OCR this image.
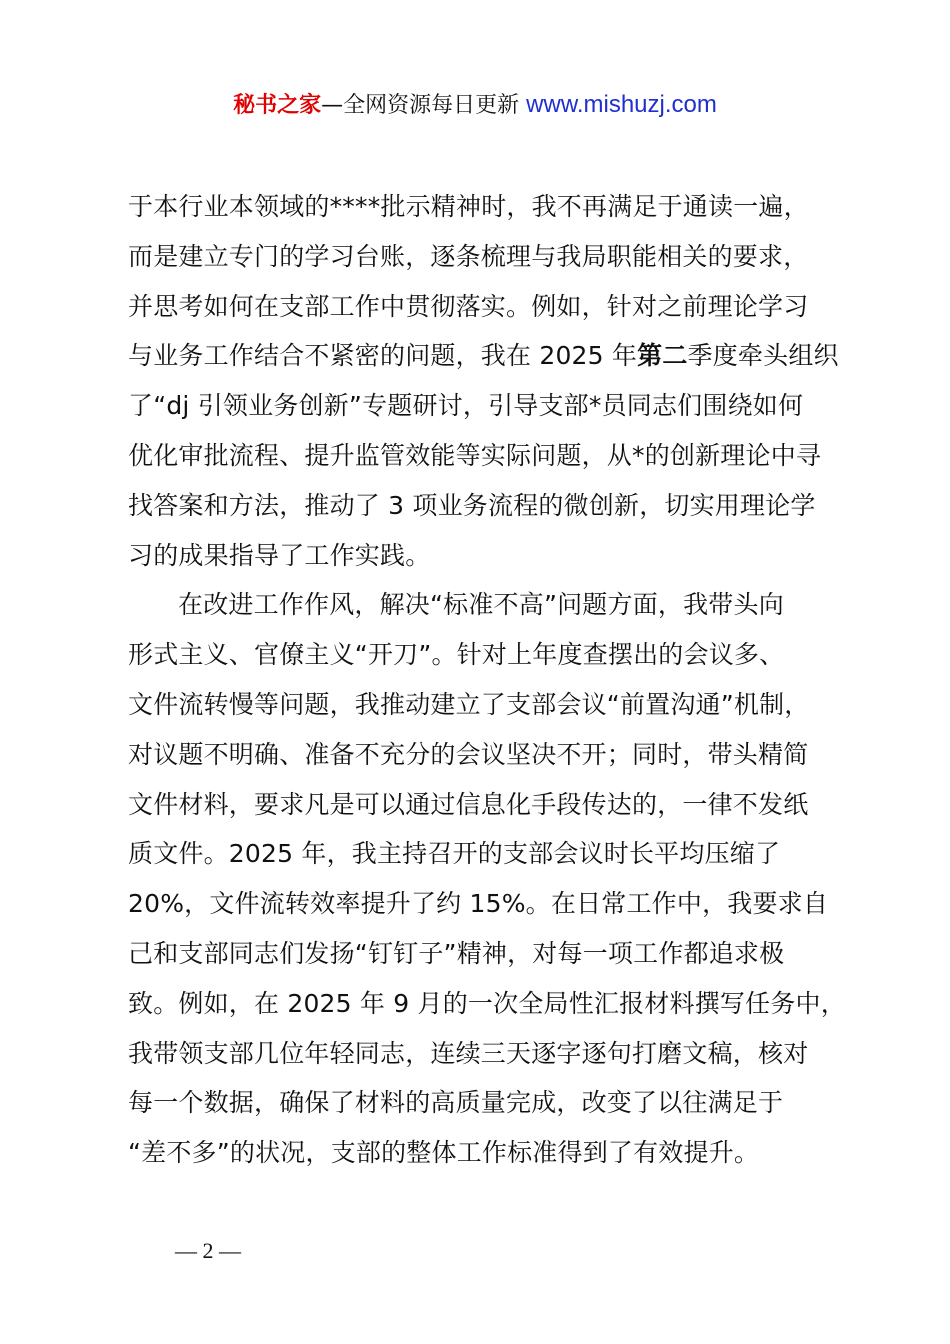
秘书之家—全网资源每日更新 www.mishuzj.com
于本行业本领域的****批示精神时，我不再满足于通读一遍，
而是建立专门的学习台账，逐条梳理与我局职能相关的要求，
并思考如何在支部工作中贯彻落实。例如，针对之前理论学习
与业务工作结合不紧密的问题，我在 2025 年第二季度牵头组织
了“dj 引领业务创新”专题研讨，引导支部*员同志们围绕如何
优化审批流程、提升监管效能等实际问题，从*的创新理论中寻
找答案和方法，推动了 3 项业务流程的微创新，切实用理论学
习的成果指导了工作实践。
在改进工作作风，解决“标准不高”问题方面，我带头向
形式主义、官僚主义“开刀”。针对上年度查摆出的会议多、
文件流转慢等问题，我推动建立了支部会议“前置沟通”机制，
对议题不明确、准备不充分的会议坚决不开；同时，带头精简
文件材料，要求凡是可以通过信息化手段传达的，一律不发纸
质文件。2025 年，我主持召开的支部会议时长平均压缩了
20%，文件流转效率提升了约 15%。在日常工作中，我要求自
己和支部同志们发扬“钉钉子”精神，对每一项工作都追求极
致。例如，在 2025 年 9 月的一次全局性汇报材料撰写任务中，
我带领支部几位年轻同志，连续三天逐字逐句打磨文稿，核对
每一个数据，确保了材料的高质量完成，改变了以往满足于
“差不多”的状况，支部的整体工作标准得到了有效提升。
— 2 —
